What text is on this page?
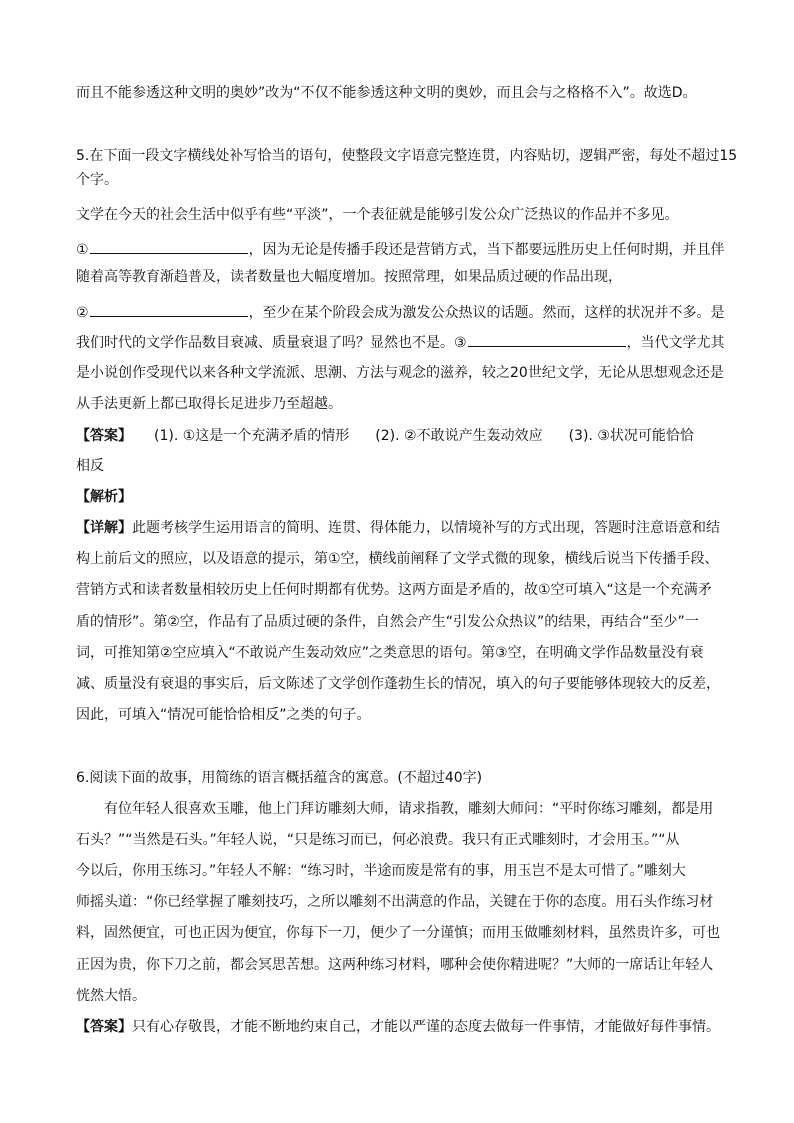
而且不能参透这种文明的奥妙”改为“不仅不能参透这种文明的奥妙，而且会与之格格不入”。故选D。
5.在下面一段文字横线处补写恰当的语句，使整段文字语意完整连贯，内容贴切，逻辑严密，每处不超过15
个字。
文学在今天的社会生活中似乎有些“平淡”，一个表征就是能够引发公众广泛热议的作品并不多见。
①	，因为无论是传播手段还是营销方式，当下都要远胜历史上任何时期，并且伴
随着高等教育渐趋普及，读者数量也大幅度增加。按照常理，如果品质过硬的作品出现，
②	，至少在某个阶段会成为激发公众热议的话题。然而，这样的状况并不多。是
我们时代的文学作品数目衰减、质量衰退了吗？显然也不是。③	，当代文学尤其
是小说创作受现代以来各种文学流派、思潮、方法与观念的滋养，较之20世纪文学，无论从思想观念还是
从手法更新上都已取得长足进步乃至超越。
【答案】 (1). ①这是一个充满矛盾的情形 (2). ②不敢说产生轰动效应 (3). ③状况可能恰恰
相反
【解析】
【详解】此题考核学生运用语言的简明、连贯、得体能力，以情境补写的方式出现，答题时注意语意和结
构上前后文的照应，以及语意的提示，第①空，横线前阐释了文学式微的现象，横线后说当下传播手段、
营销方式和读者数量相较历史上任何时期都有优势。这两方面是矛盾的，故①空可填入“这是一个充满矛
盾的情形”。第②空，作品有了品质过硬的条件，自然会产生“引发公众热议”的结果，再结合“至少”一
词，可推知第②空应填入“不敢说产生轰动效应”之类意思的语句。第③空，在明确文学作品数量没有衰
减、质量没有衰退的事实后，后文陈述了文学创作蓬勃生长的情况，填入的句子要能够体现较大的反差，
因此，可填入“情况可能恰恰相反”之类的句子。
6.阅读下面的故事，用简练的语言概括蕴含的寓意。(不超过40字)
有位年轻人很喜欢玉雕，他上门拜访雕刻大师，请求指教，雕刻大师问：“平时你练习雕刻，都是用
石头？”“当然是石头。”年轻人说，“只是练习而已，何必浪费。我只有正式雕刻时，才会用玉。”“从
今以后，你用玉练习。”年轻人不解：“练习时，半途而废是常有的事，用玉岂不是太可惜了。”雕刻大
师摇头道：“你已经掌握了雕刻技巧，之所以雕刻不出满意的作品，关键在于你的态度。用石头作练习材
料，固然便宜，可也正因为便宜，你每下一刀，便少了一分谨慎；而用玉做雕刻材料，虽然贵许多，可也
正因为贵，你下刀之前，都会冥思苦想。这两种练习材料，哪种会使你精进呢？”大师的一席话让年轻人
恍然大悟。
【答案】只有心存敬畏，才能不断地约束自己，才能以严谨的态度去做每一件事情，才能做好每件事情。
